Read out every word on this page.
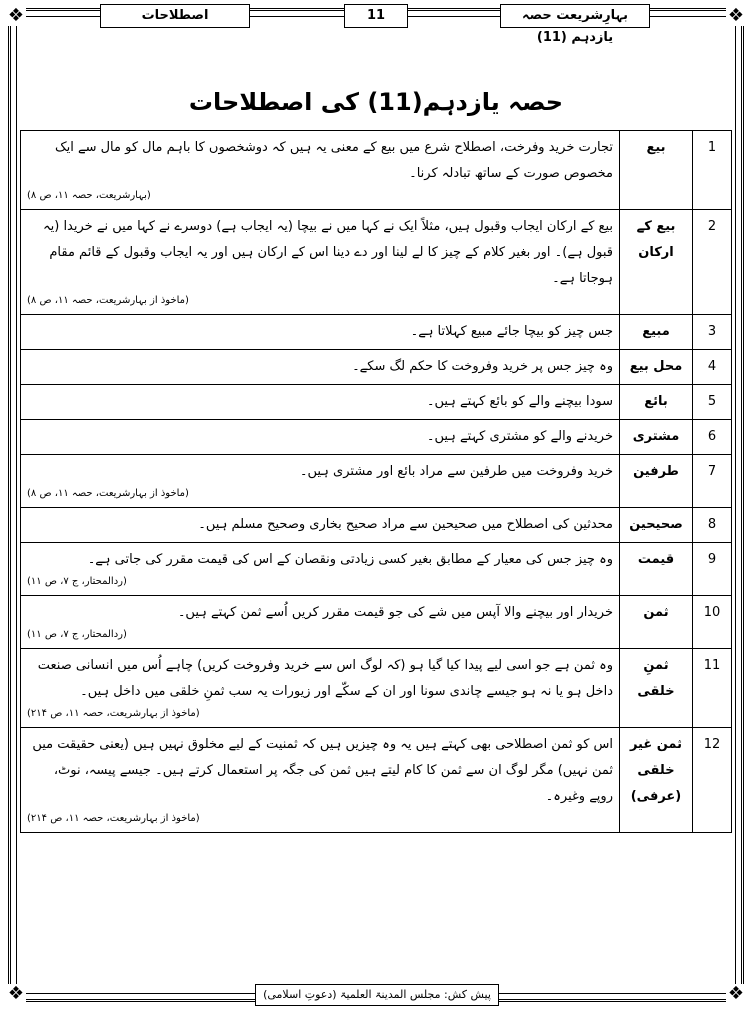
❖	❖
❖	❖
اصطلاحات	11	بہارِشریعت حصہ یازدہم (11)
حصہ یازدہم(11) کی اصطلاحات
1	بیع	تجارت خرید وفرخت، اصطلاح شرع میں بیع کے معنی یہ ہیں کہ دوشخصوں کا باہم مال کو مال سے ایک مخصوص صورت کے ساتھ تبادلہ کرنا۔
(بہارشریعت، حصہ ۱۱، ص ۸)

2	بیع کے ارکان	بیع کے ارکان ایجاب وقبول ہیں، مثلاً ایک نے کہا میں نے بیچا (یہ ایجاب ہے) دوسرے نے کہا میں نے خریدا (یہ قبول ہے)۔ اور بغیر کلام کے چیز کا لے لینا اور دے دینا اس کے ارکان ہیں اور یہ ایجاب وقبول کے قائم مقام ہوجاتا ہے۔
(ماخوذ از بہارشریعت، حصہ ۱۱، ص ۸)

3	مبیع	جس چیز کو بیچا جائے مبیع کہلاتا ہے۔
4	محل بیع	وہ چیز جس پر خرید وفروخت کا حکم لگ سکے۔
5	بائع	سودا بیچنے والے کو بائع کہتے ہیں۔
6	مشتری	خریدنے والے کو مشتری کہتے ہیں۔
7	طرفین	خرید وفروخت میں طرفین سے مراد بائع اور مشتری ہیں۔
(ماخوذ از بہارشریعت، حصہ ۱۱، ص ۸)

8	صحیحین	محدثین کی اصطلاح میں صحیحین سے مراد صحیح بخاری وصحیح مسلم ہیں۔
9	قیمت	وہ چیز جس کی معیار کے مطابق بغیر کسی زیادتی ونقصان کے اس کی قیمت مقرر کی جاتی ہے۔
(ردالمحتار، ج ۷، ص ۱۱)

10	ثمن	خریدار اور بیچنے والا آپس میں شے کی جو قیمت مقرر کریں اُسے ثمن کہتے ہیں۔
(ردالمحتار، ج ۷، ص ۱۱)

11	ثمنِ خلقی	وہ ثمن ہے جو اسی لیے پیدا کیا گیا ہو (کہ لوگ اس سے خرید وفروخت کریں) چاہے اُس میں انسانی صنعت داخل ہو یا نہ ہو جیسے چاندی سونا اور ان کے سکّے اور زیورات یہ سب ثمنِ خلقی میں داخل ہیں۔
(ماخوذ از بہارشریعت، حصہ ۱۱، ص ۲۱۴)

12	ثمن غیر خلقی (عرفی)	اس کو ثمن اصطلاحی بھی کہتے ہیں یہ وہ چیزیں ہیں کہ ثمنیت کے لیے مخلوق نہیں ہیں (یعنی حقیقت میں ثمن نہیں) مگر لوگ ان سے ثمن کا کام لیتے ہیں ثمن کی جگہ پر استعمال کرتے ہیں۔ جیسے پیسہ، نوٹ، روپے وغیرہ۔
(ماخوذ از بہارشریعت، حصہ ۱۱، ص ۲۱۴)
پیش کش: مجلس المدینۃ العلمیۃ (دعوتِ اسلامی)
